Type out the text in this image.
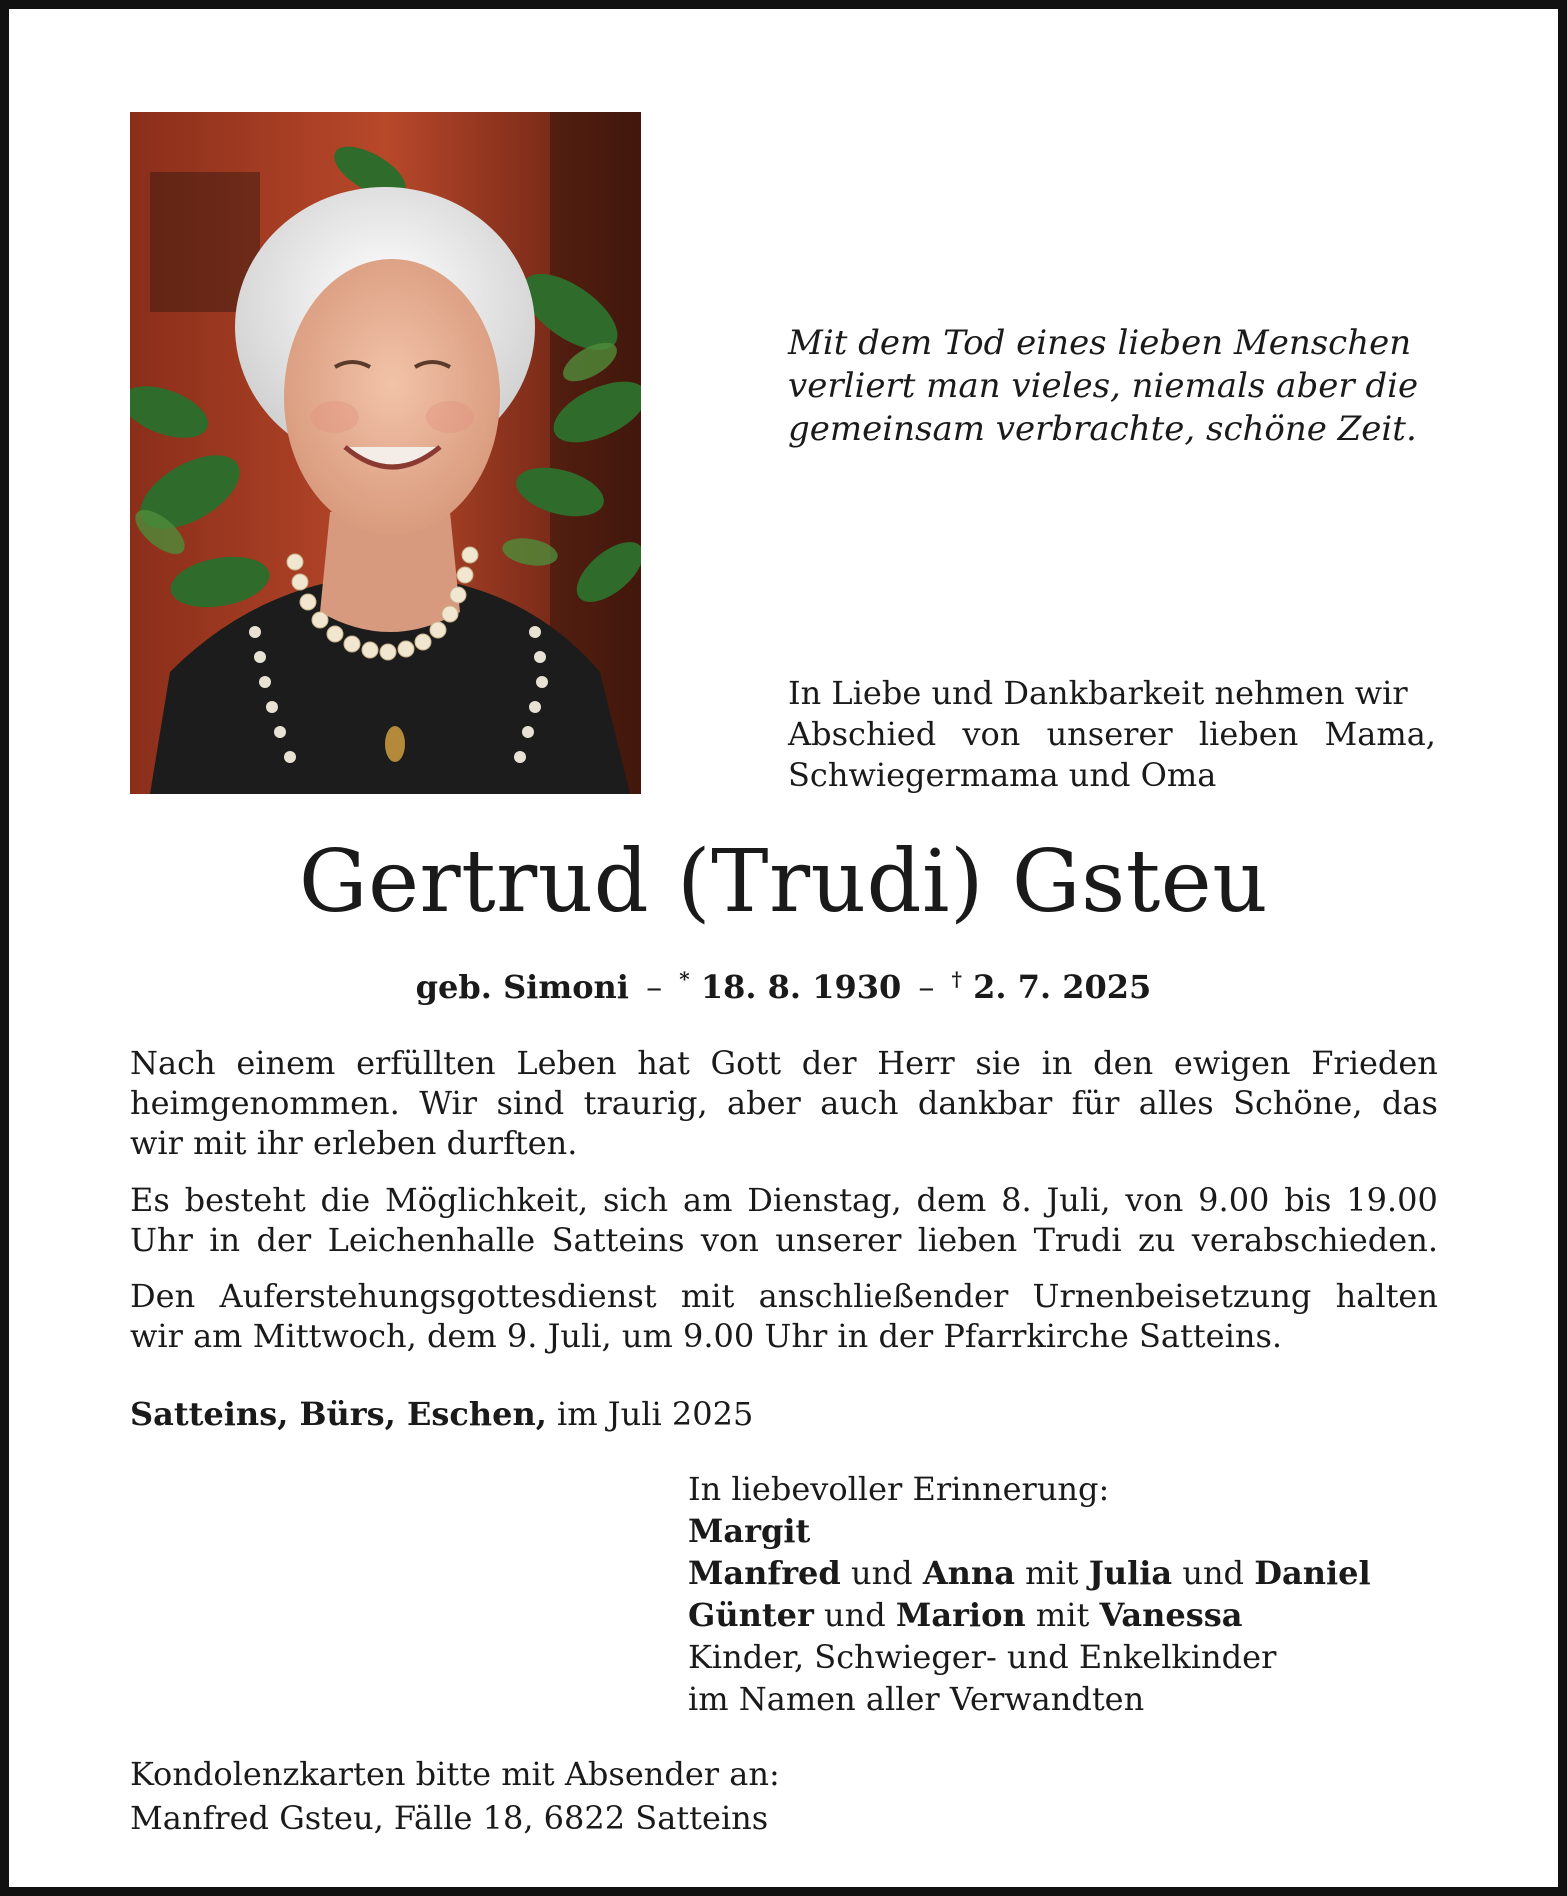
Mit dem Tod eines lieben Menschen
verliert man vieles, niemals aber die
gemeinsam verbrachte, schöne Zeit.
In Liebe und Dankbarkeit nehmen wir
Abschied von unserer lieben Mama,
Schwiegermama und Oma
Gertrud (Trudi) Gsteu
geb. Simoni – * 18. 8. 1930 – † 2. 7. 2025
Nach einem erfüllten Leben hat Gott der Herr sie in den ewigen Frieden
heimgenommen. Wir sind traurig, aber auch dankbar für alles Schöne, das
wir mit ihr erleben durften.
Es besteht die Möglichkeit, sich am Dienstag, dem 8. Juli, von 9.00 bis 19.00
Uhr in der Leichenhalle Satteins von unserer lieben Trudi zu verabschieden.
Den Auferstehungsgottesdienst mit anschließender Urnenbeisetzung halten
wir am Mittwoch, dem 9. Juli, um 9.00 Uhr in der Pfarrkirche Satteins.
Satteins, Bürs, Eschen, im Juli 2025
In liebevoller Erinnerung:
Margit
Manfred und Anna mit Julia und Daniel
Günter und Marion mit Vanessa
Kinder, Schwieger- und Enkelkinder
im Namen aller Verwandten
Kondolenzkarten bitte mit Absender an:
Manfred Gsteu, Fälle 18, 6822 Satteins
